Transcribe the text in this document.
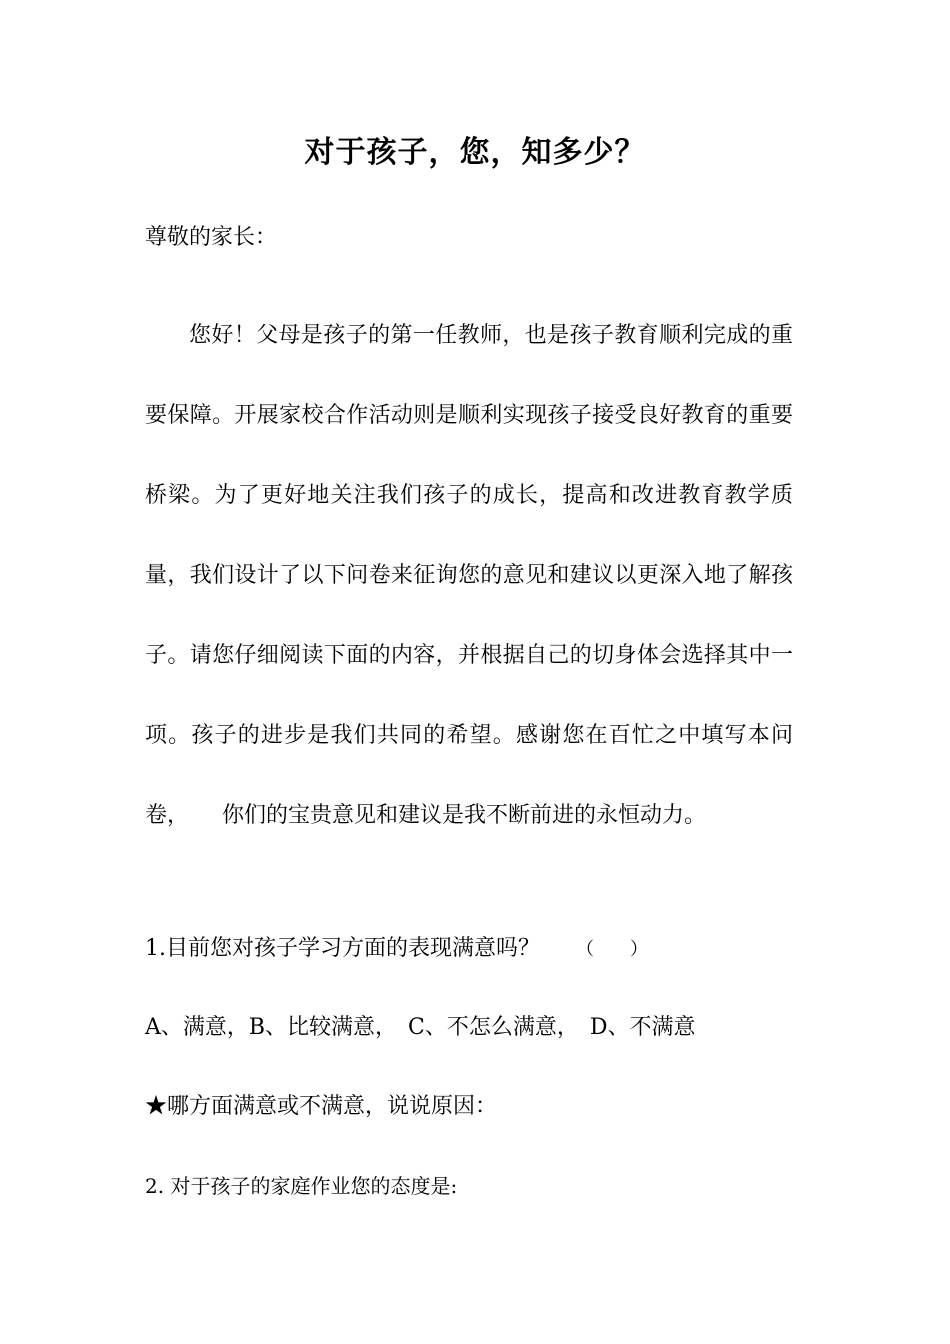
对于孩子，您，知多少？
尊敬的家长：
您好！父母是孩子的第一任教师，也是孩子教育顺利完成的重要保障。开展家校合作活动则是顺利实现孩子接受良好教育的重要桥梁。为了更好地关注我们孩子的成长，提高和改进教育教学质量，我们设计了以下问卷来征询您的意见和建议以更深入地了解孩子。请您仔细阅读下面的内容，并根据自己的切身体会选择其中一项。孩子的进步是我们共同的希望。感谢您在百忙之中填写本问卷，　　你们的宝贵意见和建议是我不断前进的永恒动力。
1.目前您对孩子学习方面的表现满意吗？ （　　）
A、满意，B、比较满意，　C、不怎么满意，　D、不满意
★哪方面满意或不满意，说说原因：
2. 对于孩子的家庭作业您的态度是:
